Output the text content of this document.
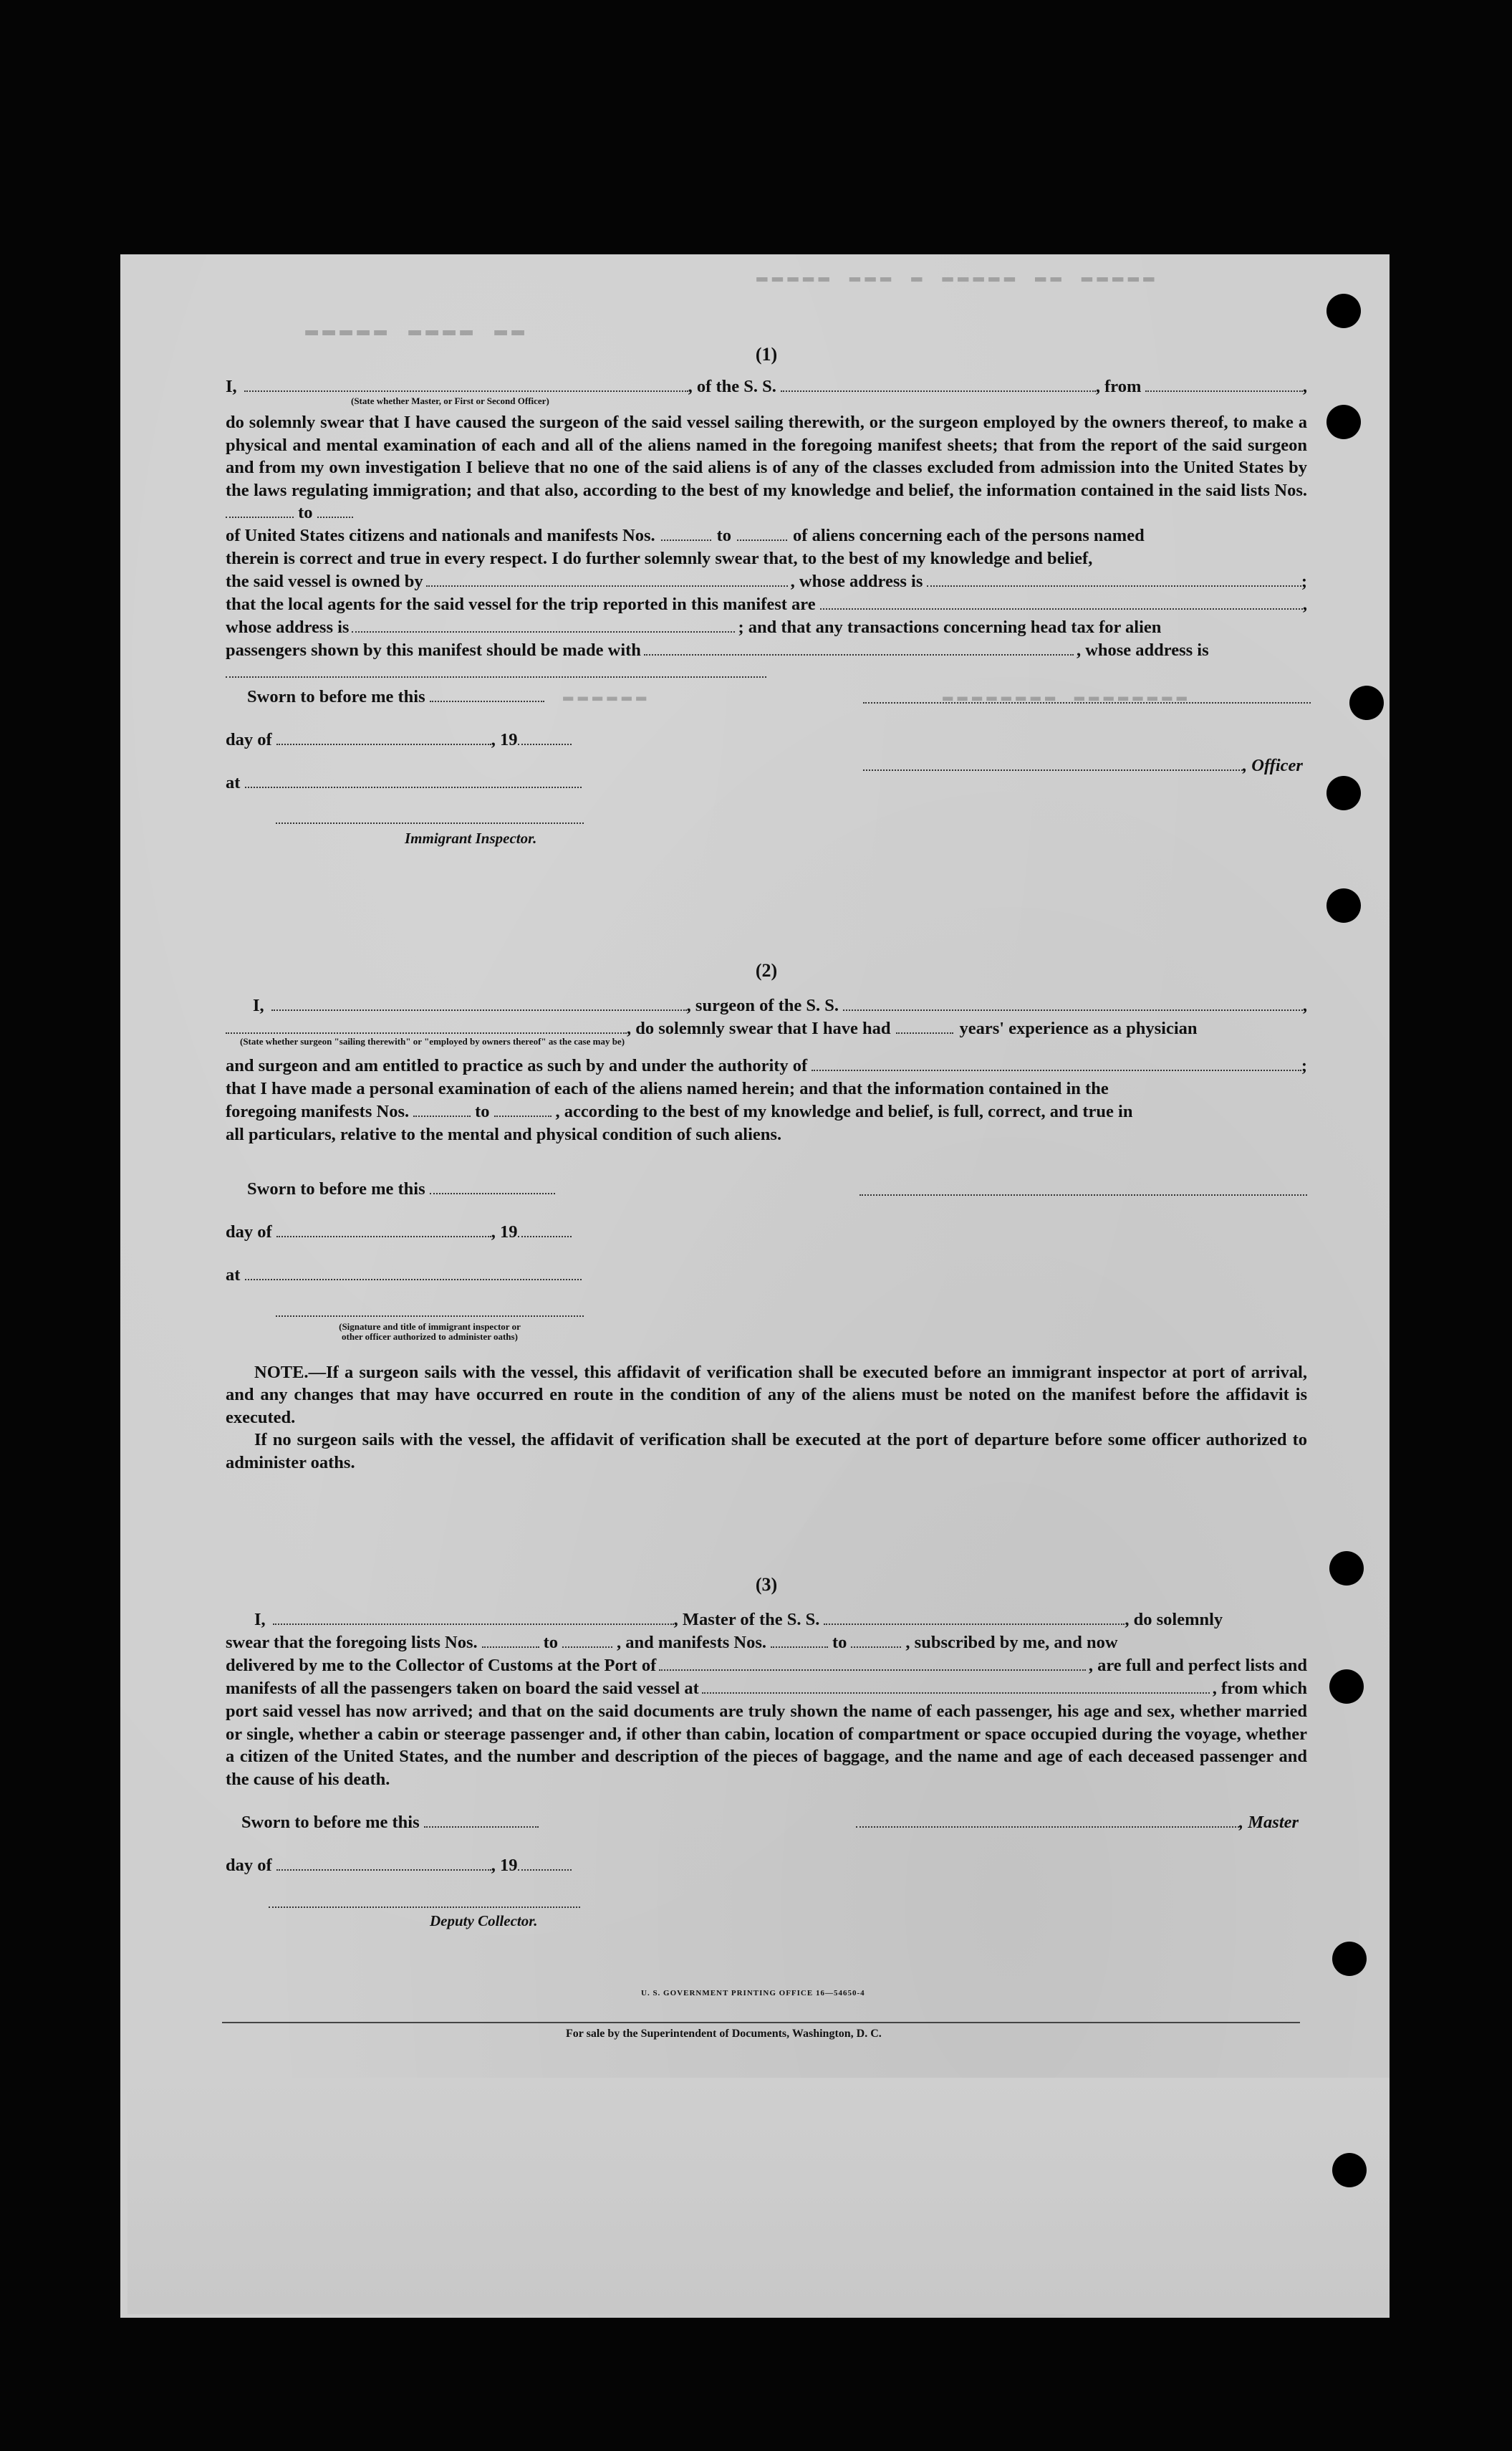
▬▬ ▬▬▬▬ ▬▬▬▬▬
▬▬▬▬▬ ▬▬ ▬▬▬▬▬ ▬ ▬▬▬ ▬▬▬▬▬
▬▬▬▬▬▬	▬▬▬▬▬▬▬▬ ▬▬▬▬▬▬▬▬
(1)
I,	, of the S. S.	, from	,
(State whether Master, or First or Second Officer)

do solemnly swear that I have caused the surgeon of the said vessel sailing therewith, or the surgeon employed by the owners thereof, to make a physical and mental examination of each and all of the aliens named in the foregoing manifest sheets; that from the report of the said surgeon and from my own investigation I believe that no one of the said aliens is of any of the classes excluded from admission into the United States by the laws regulating immigration; and that also, according to the best of my knowledge and belief, the information contained in the said lists Nos.  to

of United States citizens and nationals and manifests Nos.	to	of aliens concerning each of the persons named
therein is correct and true in every respect. I do further solemnly swear that, to the best of my knowledge and belief,
the said vessel is owned by	, whose address is	;
that the local agents for the said vessel for the trip reported in this manifest are	,
whose address is	; and that any transactions concerning head tax for alien
passengers shown by this manifest should be made with	, whose address is
Sworn to before me this
day of	, 19
, Officer
at
Immigrant Inspector.
(2)
I,	, surgeon of the S. S.	,
, do solemnly swear that I have had	years' experience as a physician
(State whether surgeon "sailing therewith" or "employed by owners thereof" as the case may be)
and surgeon and am entitled to practice as such by and under the authority of	;
that I have made a personal examination of each of the aliens named herein; and that the information contained in the
foregoing manifests Nos.	to	, according to the best of my knowledge and belief, is full, correct, and true in
all particulars, relative to the mental and physical condition of such aliens.
Sworn to before me this
day of	, 19
at
(Signature and title of immigrant inspector or
other officer authorized to administer oaths)

NOTE.—If a surgeon sails with the vessel, this affidavit of verification shall be executed before an immigrant inspector at port of arrival, and any changes that may have occurred en route in the condition of any of the aliens must be noted on the manifest before the affidavit is executed.

If no surgeon sails with the vessel, the affidavit of verification shall be executed at the port of departure before some officer authorized to administer oaths.

(3)
I,	, Master of the S. S.	, do solemnly
swear that the foregoing lists Nos.	to	, and manifests Nos.	to	, subscribed by me, and now
delivered by me to the Collector of Customs at the Port of	, are full and perfect lists and
manifests of all the passengers taken on board the said vessel at	, from which

port said vessel has now arrived; and that on the said documents are truly shown the name of each passenger, his age and sex, whether married or single, whether a cabin or steerage passenger and, if other than cabin, location of compartment or space occupied during the voyage, whether a citizen of the United States, and the number and description of the pieces of baggage, and the name and age of each deceased passenger and the cause of his death.

Sworn to before me this	, Master
day of	, 19
Deputy Collector.
U. S. GOVERNMENT PRINTING OFFICE 16—54650-4
For sale by the Superintendent of Documents, Washington, D. C.
